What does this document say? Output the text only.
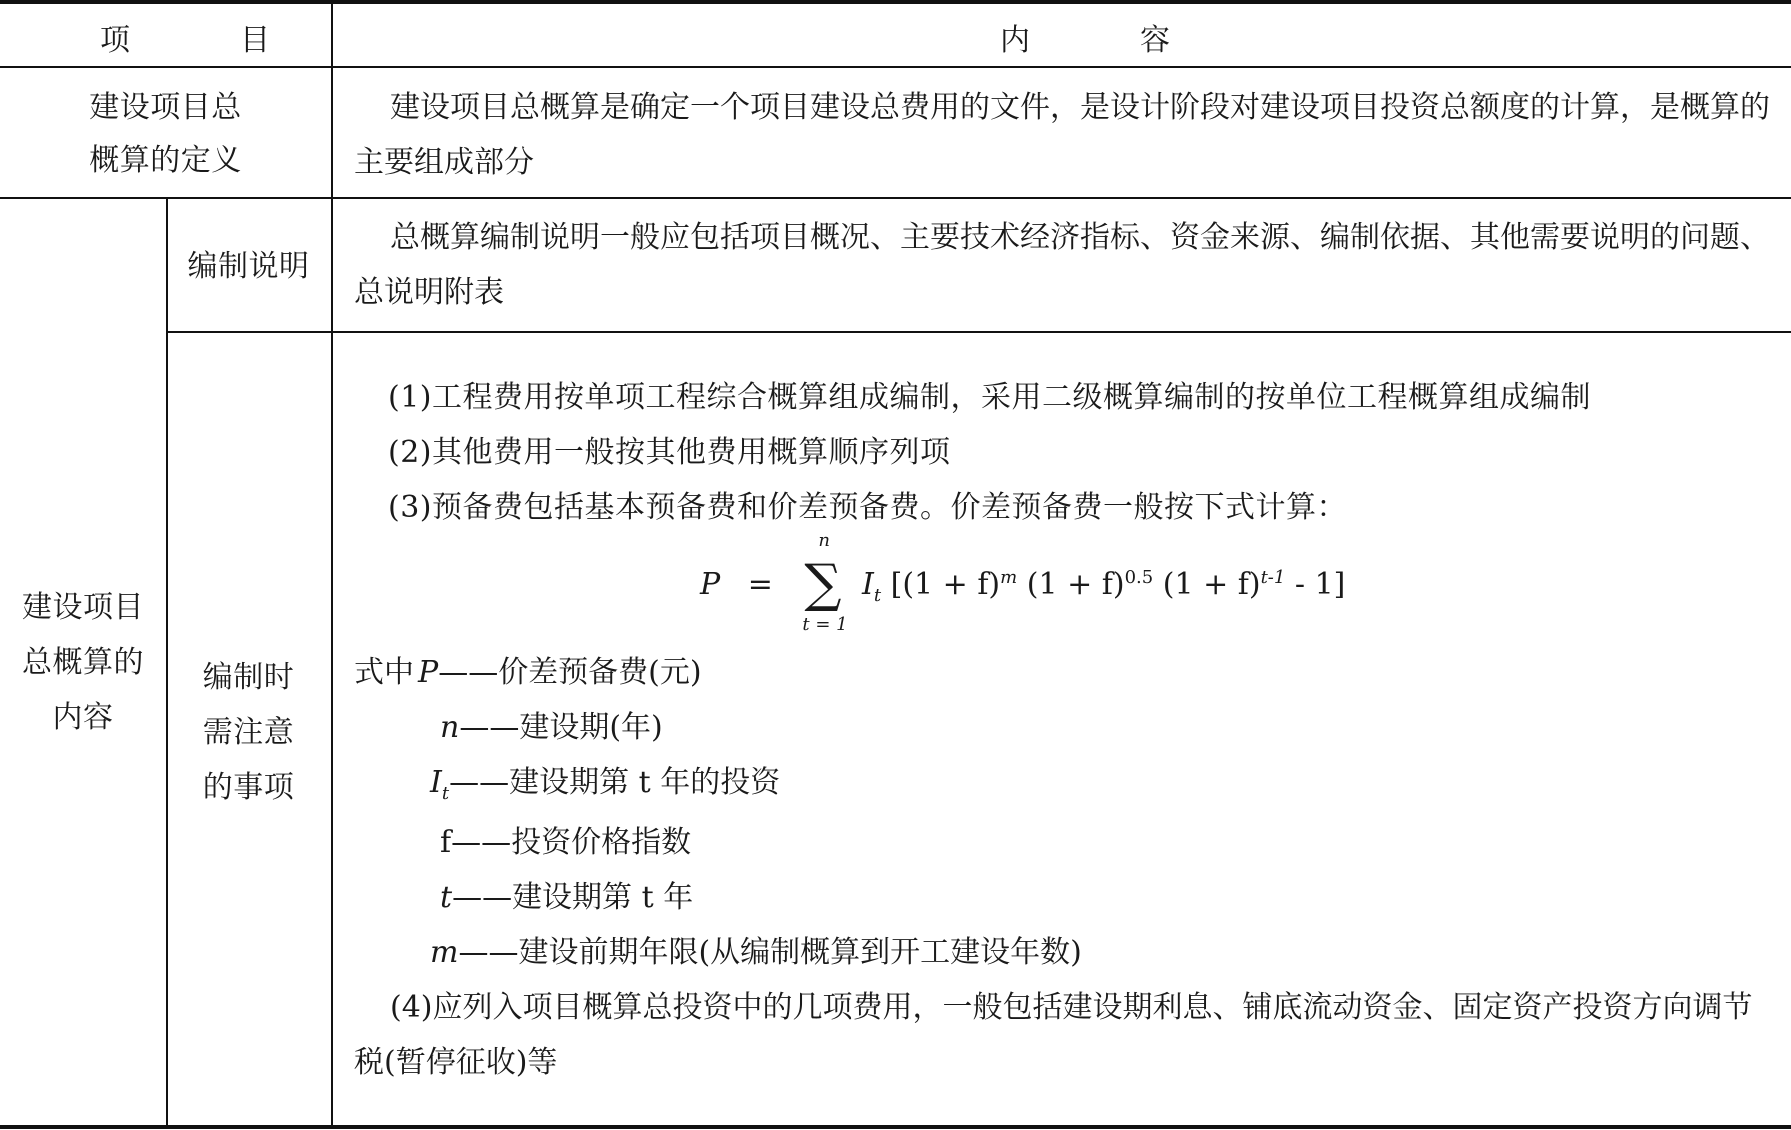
项　目	内　容
建设项目总
概算的定义
建设项目总概算是确定一个项目建设总费用的文件，是设计阶段对建设项目投资总额度的计算，是概算的主要组成部分
建设项目
总概算的
内容
编制说明
总概算编制说明一般应包括项目概况、主要技术经济指标、资金来源、编制依据、其他需要说明的问题、总说明附表
编制时
需注意
的事项
(1)工程费用按单项工程综合概算组成编制，采用二级概算编制的按单位工程概算组成编制
(2)其他费用一般按其他费用概算顺序列项
(3)预备费包括基本预备费和价差预备费。价差预备费一般按下式计算：
P =
n
∑
t = 1
$I_t$ [$(1 + f)^m$ $(1 + f)^{0.5}$ $(1 + f)^{t-1} - 1$]
式中 P——价差预备费(元)
n——建设期(年)
$I_t——$建设期第 t 年的投资
f——投资价格指数
t——建设期第 t 年
m——建设前期年限(从编制概算到开工建设年数)
(4)应列入项目概算总投资中的几项费用，一般包括建设期利息、铺底流动资金、固定资产投资方向调节税(暂停征收)等
